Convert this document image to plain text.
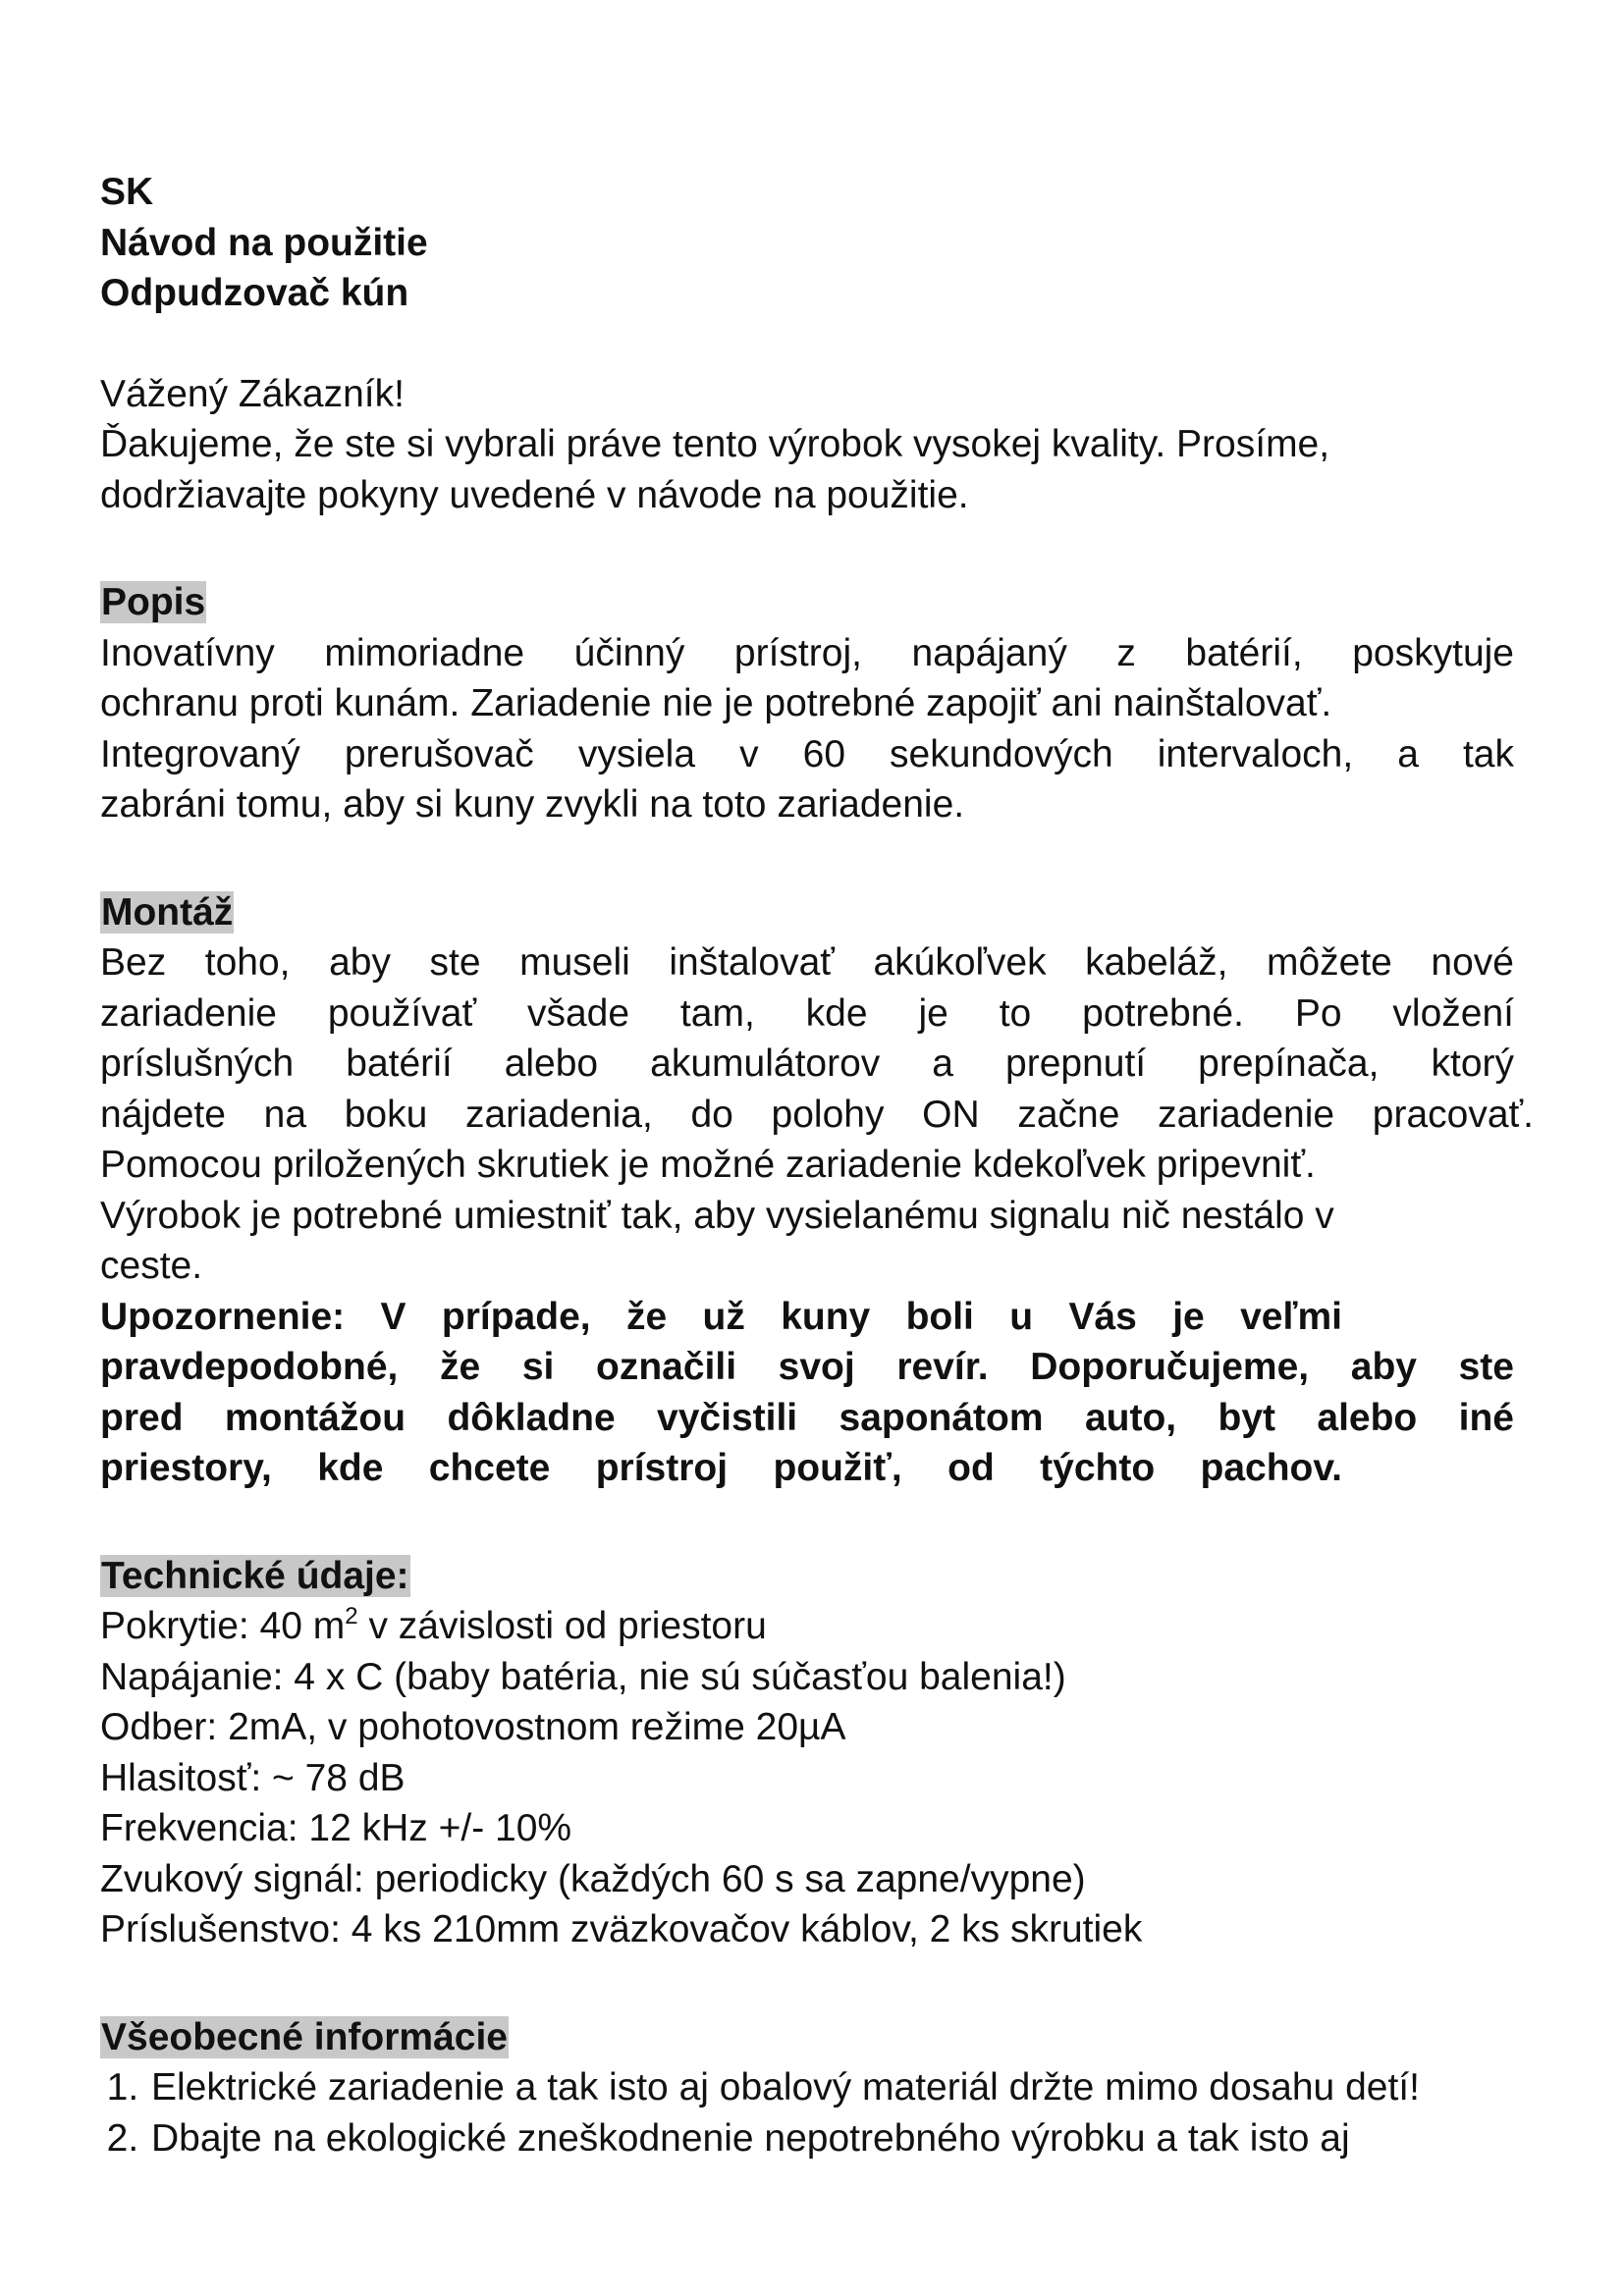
SK
Návod na použitie
Odpudzovač kún
Vážený Zákazník!
Ďakujeme, že ste si vybrali práve tento výrobok vysokej kvality. Prosíme,
dodržiavajte pokyny uvedené v návode na použitie.
Popis
Inovatívny mimoriadne účinný prístroj, napájaný z batérií, poskytuje
ochranu proti kunám. Zariadenie nie je potrebné zapojiť ani nainštalovať.
Integrovaný prerušovač vysiela v 60 sekundových intervaloch, a tak
zabráni tomu, aby si kuny zvykli na toto zariadenie.
Montáž
Bez toho, aby ste museli inštalovať akúkoľvek kabeláž, môžete nové
zariadenie používať všade tam, kde je to potrebné. Po vložení
príslušných batérií alebo akumulátorov a prepnutí prepínača, ktorý
nájdete na boku zariadenia, do polohy ON začne zariadenie pracovať.
Pomocou priložených skrutiek je možné zariadenie kdekoľvek pripevniť.
Výrobok je potrebné umiestniť tak, aby vysielanému signalu nič nestálo v
ceste.
Upozornenie: V prípade, že už kuny boli u Vás je veľmi
pravdepodobné, že si označili svoj revír. Doporučujeme, aby ste
pred montážou dôkladne vyčistili saponátom auto, byt alebo iné
priestory, kde chcete prístroj použiť, od týchto pachov.
Technické údaje:
Pokrytie: 40 $m^2$ v závislosti od priestoru
Napájanie: 4 x C (baby batéria, nie sú súčasťou balenia!)
Odber: 2mA, v pohotovostnom režime 20µA
Hlasitosť: ~ 78 dB
Frekvencia: 12 kHz +/- 10%
Zvukový signál: periodicky (každých 60 s sa zapne/vypne)
Príslušenstvo: 4 ks 210mm zväzkovačov káblov, 2 ks skrutiek
Všeobecné informácie
1. Elektrické zariadenie a tak isto aj obalový materiál držte mimo dosahu detí!
2. Dbajte na ekologické zneškodnenie nepotrebného výrobku a tak isto aj
